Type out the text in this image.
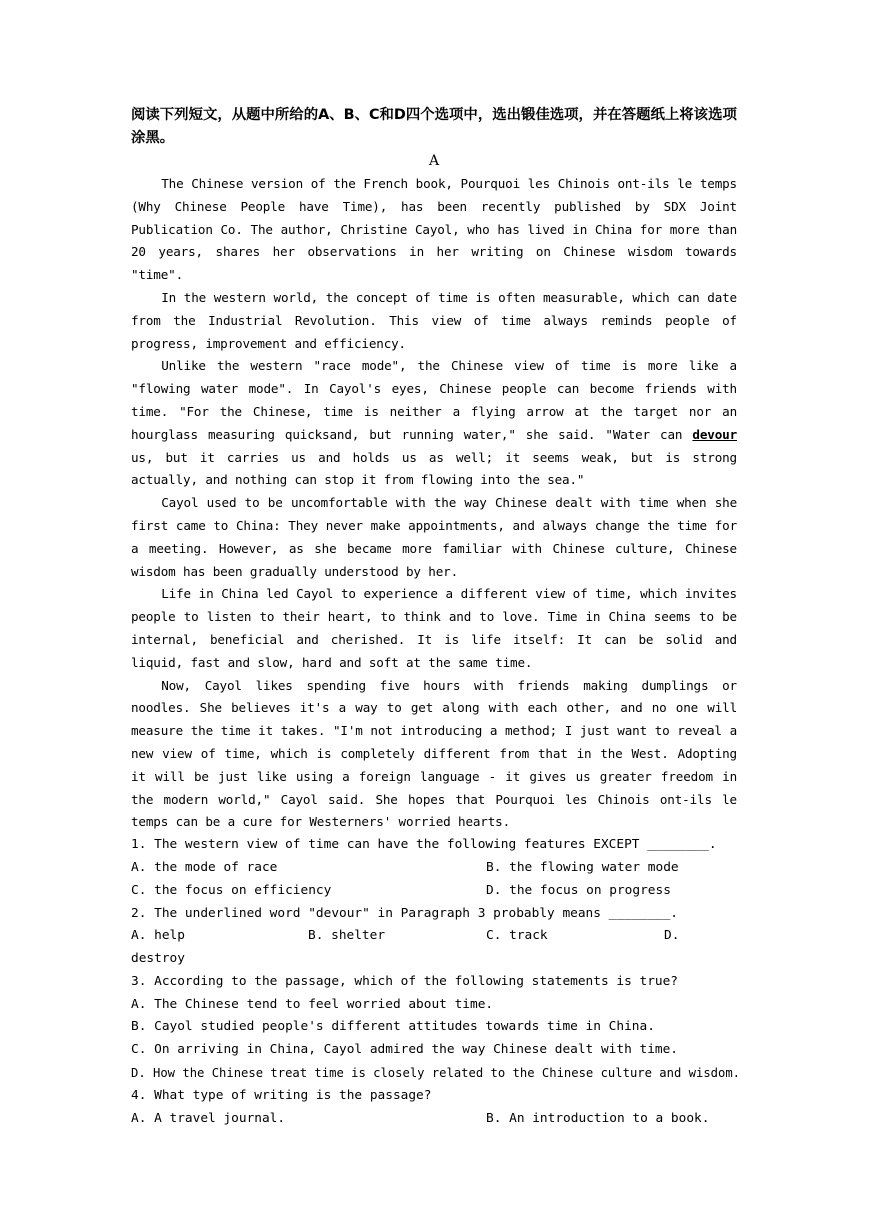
阅读下列短文，从题中所给的A、B、C和D四个选项中，选出锻佳选项，并在答题纸上将该选项涂黑。

A

The Chinese version of the French book, Pourquoi les Chinois ont-ils le temps (Why Chinese People have Time), has been recently published by SDX Joint Publication Co. The author, Christine Cayol, who has lived in China for more than 20 years, shares her observations in her writing on Chinese wisdom towards "time".

In the western world, the concept of time is often measurable, which can date from the Industrial Revolution. This view of time always reminds people of progress, improvement and efficiency.

Unlike the western "race mode", the Chinese view of time is more like a "flowing water mode". In Cayol's eyes, Chinese people can become friends with time. "For the Chinese, time is neither a flying arrow at the target nor an hourglass measuring quicksand, but running water," she said. "Water can devour us, but it carries us and holds us as well; it seems weak, but is strong actually, and nothing can stop it from flowing into the sea."

Cayol used to be uncomfortable with the way Chinese dealt with time when she first came to China: They never make appointments, and always change the time for a meeting. However, as she became more familiar with Chinese culture, Chinese wisdom has been gradually understood by her.

Life in China led Cayol to experience a different view of time, which invites people to listen to their heart, to think and to love. Time in China seems to be internal, beneficial and cherished. It is life itself: It can be solid and liquid, fast and slow, hard and soft at the same time.

Now, Cayol likes spending five hours with friends making dumplings or noodles. She believes it's a way to get along with each other, and no one will measure the time it takes. "I'm not introducing a method; I just want to reveal a new view of time, which is completely different from that in the West. Adopting it will be just like using a foreign language - it gives us greater freedom in the modern world," Cayol said. She hopes that Pourquoi les Chinois ont-ils le temps can be a cure for Westerners' worried hearts.

1. The western view of time can have the following features EXCEPT ________.

A. the mode of race	B. the flowing water mode
C. the focus on efficiency	D. the focus on progress

2. The underlined word "devour" in Paragraph 3 probably means ________.

A. help	B. shelter	C. track	D.
destroy

3. According to the passage, which of the following statements is true?

A. The Chinese tend to feel worried about time.

B. Cayol studied people's different attitudes towards time in China.

C. On arriving in China, Cayol admired the way Chinese dealt with time.

D. How the Chinese treat time is closely related to the Chinese culture and wisdom.

4. What type of writing is the passage?

A. A travel journal.	B. An introduction to a book.
